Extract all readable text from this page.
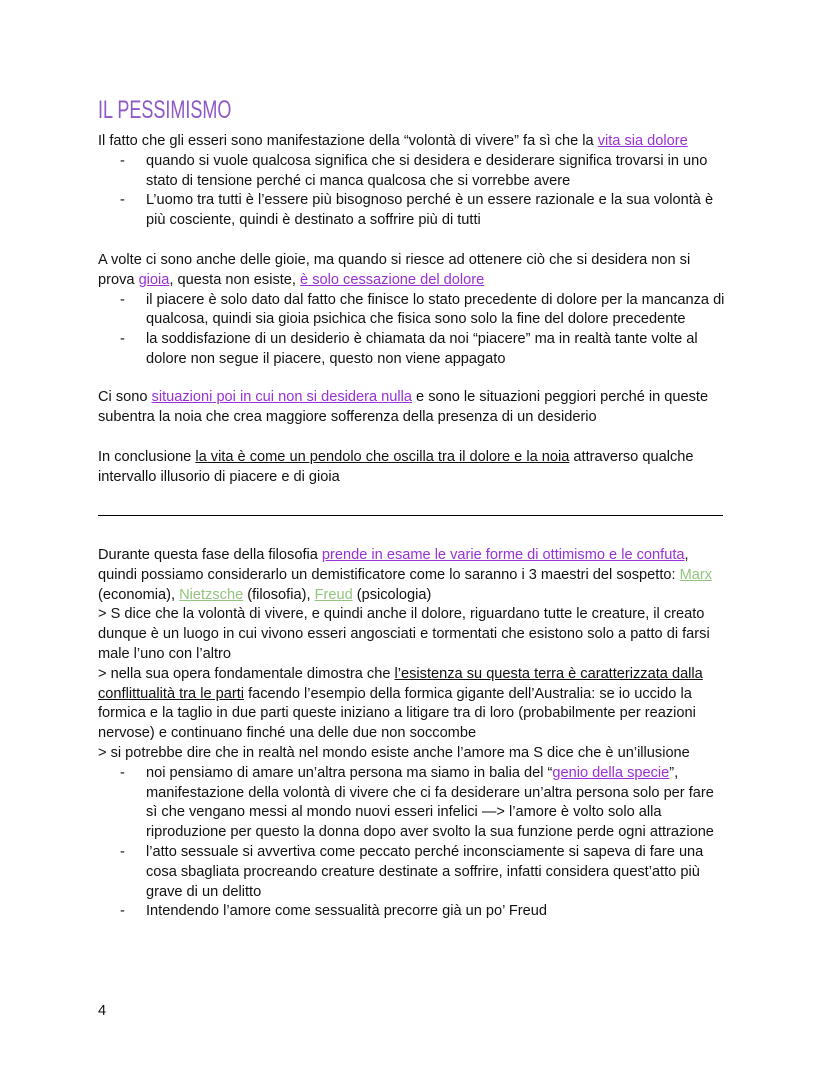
IL PESSIMISMO
Il fatto che gli esseri sono manifestazione della “volontà di vivere” fa sì che la vita sia dolore
- quando si vuole qualcosa significa che si desidera e desiderare significa trovarsi in uno stato di tensione perché ci manca qualcosa che si vorrebbe avere
- L’uomo tra tutti è l’essere più bisognoso perché è un essere razionale e la sua volontà è più cosciente, quindi è destinato a soffrire più di tutti
A volte ci sono anche delle gioie, ma quando si riesce ad ottenere ciò che si desidera non si prova gioia, questa non esiste, è solo cessazione del dolore
- il piacere è solo dato dal fatto che finisce lo stato precedente di dolore per la mancanza di qualcosa, quindi sia gioia psichica che fisica sono solo la fine del dolore precedente
- la soddisfazione di un desiderio è chiamata da noi “piacere” ma in realtà tante volte al dolore non segue il piacere, questo non viene appagato
Ci sono situazioni poi in cui non si desidera nulla e sono le situazioni peggiori perché in queste subentra la noia che crea maggiore sofferenza della presenza di un desiderio
In conclusione la vita è come un pendolo che oscilla tra il dolore e la noia attraverso qualche intervallo illusorio di piacere e di gioia
Durante questa fase della filosofia prende in esame le varie forme di ottimismo e le confuta, quindi possiamo considerarlo un demistificatore come lo saranno i 3 maestri del sospetto: Marx (economia), Nietzsche (filosofia), Freud (psicologia)
> S dice che la volontà di vivere, e quindi anche il dolore, riguardano tutte le creature, il creato dunque è un luogo in cui vivono esseri angosciati e tormentati che esistono solo a patto di farsi male l’uno con l’altro
> nella sua opera fondamentale dimostra che l’esistenza su questa terra è caratterizzata dalla conflittualità tra le parti facendo l’esempio della formica gigante dell’Australia: se io uccido la formica e la taglio in due parti queste iniziano a litigare tra di loro (probabilmente per reazioni nervose) e continuano finché una delle due non soccombe
> si potrebbe dire che in realtà nel mondo esiste anche l’amore ma S dice che è un’illusione
- noi pensiamo di amare un’altra persona ma siamo in balia del “genio della specie”, manifestazione della volontà di vivere che ci fa desiderare un’altra persona solo per fare sì che vengano messi al mondo nuovi esseri infelici —> l’amore è volto solo alla riproduzione per questo la donna dopo aver svolto la sua funzione perde ogni attrazione
- l’atto sessuale si avvertiva come peccato perché inconsciamente si sapeva di fare una cosa sbagliata procreando creature destinate a soffrire, infatti considera quest’atto più grave di un delitto
- Intendendo l’amore come sessualità precorre già un po’ Freud
4
